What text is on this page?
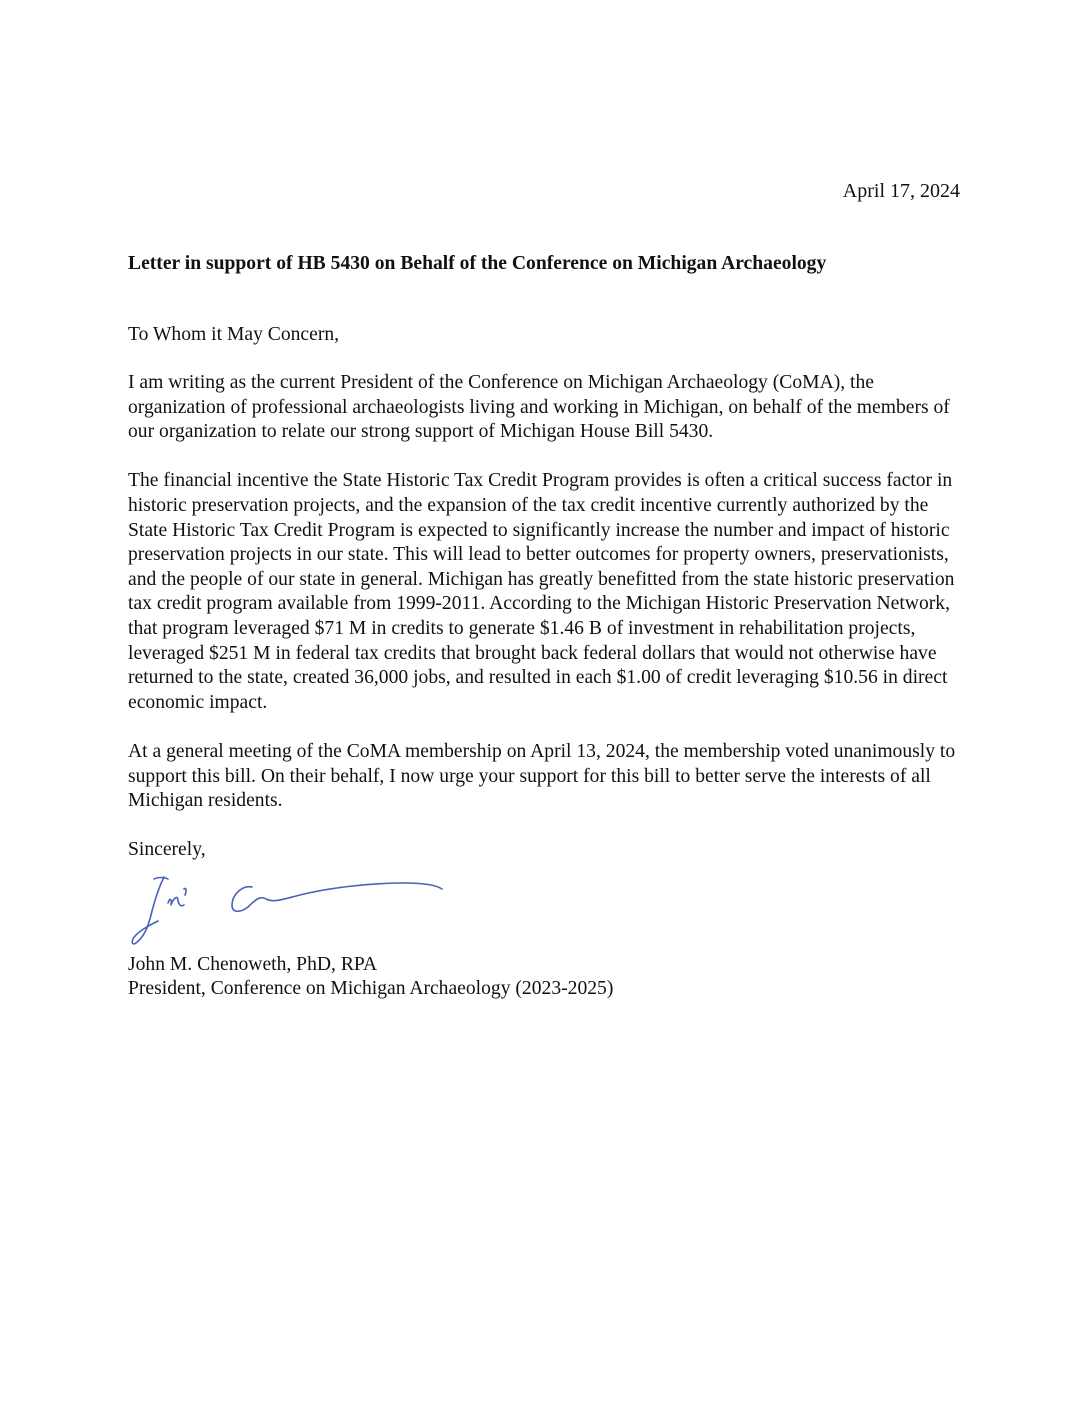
April 17, 2024

Letter in support of HB 5430 on Behalf of the Conference on Michigan Archaeology

To Whom it May Concern,

I am writing as the current President of the Conference on Michigan Archaeology (CoMA), the organization of professional archaeologists living and working in Michigan, on behalf of the members of our organization to relate our strong support of Michigan House Bill 5430.

The financial incentive the State Historic Tax Credit Program provides is often a critical success factor in historic preservation projects, and the expansion of the tax credit incentive currently authorized by the State Historic Tax Credit Program is expected to significantly increase the number and impact of historic preservation projects in our state. This will lead to better outcomes for property owners, preservationists, and the people of our state in general. Michigan has greatly benefitted from the state historic preservation tax credit program available from 1999-2011. According to the Michigan Historic Preservation Network, that program leveraged $71 M in credits to generate $1.46 B of investment in rehabilitation projects, leveraged $251 M in federal tax credits that brought back federal dollars that would not otherwise have returned to the state, created 36,000 jobs, and resulted in each $1.00 of credit leveraging $10.56 in direct economic impact.

At a general meeting of the CoMA membership on April 13, 2024, the membership voted unanimously to support this bill. On their behalf, I now urge your support for this bill to better serve the interests of all Michigan residents.

Sincerely,

John M. Chenoweth, PhD, RPA

President, Conference on Michigan Archaeology (2023-2025)
